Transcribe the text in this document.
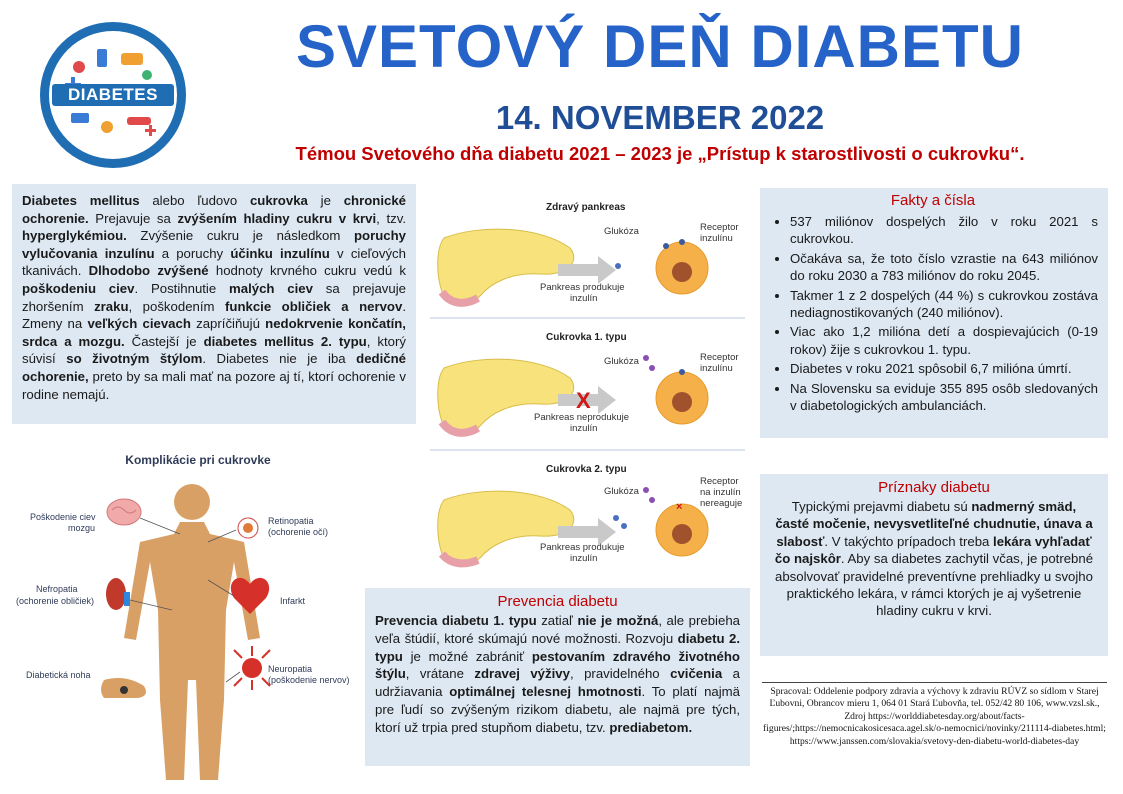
DIABETES
SVETOVÝ DEŇ DIABETU
14. NOVEMBER 2022
Témou Svetového dňa diabetu 2021 – 2023 je „Prístup k starostlivosti o cukrovku“.
Diabetes mellitus alebo ľudovo cukrovka je chronické ochorenie. Prejavuje sa zvýšením hladiny cukru v krvi, tzv. hyperglykémiou. Zvýšenie cukru je následkom poruchy vylučovania inzulínu a poruchy účinku inzulínu v cieľových tkanivách. Dlhodobo zvýšené hodnoty krvného cukru vedú k poškodeniu ciev. Postihnutie malých ciev sa prejavuje zhoršením zraku, poškodením funkcie obličiek a nervov. Zmeny na veľkých cievach zapríčiňujú nedokrvenie končatín, srdca a mozgu. Častejší je diabetes mellitus 2. typu, ktorý súvisí so životným štýlom. Diabetes nie je iba dedičné ochorenie, preto by sa mali mať na pozore aj tí, ktorí ochorenie v rodine nemajú.
Zdravý pankreas
Glukóza	Receptor inzulínu
Pankreas produkuje
inzulín
Cukrovka 1. typu
X
Glukóza	Receptor inzulínu
Pankreas neprodukuje
inzulín
Cukrovka 2. typu
Glukóza
Receptor na inzulín nereaguje
×
Pankreas produkuje
inzulín
Komplikácie pri cukrovke
Poškodenie ciev
mozgu
Retinopatia
(ochorenie očí)
Nefropatia
(ochorenie obličiek)	Infarkt
Neuropatia
(poškodenie nervov)
Diabetická noha
Prevencia diabetu
Prevencia diabetu 1. typu zatiaľ nie je možná, ale prebieha veľa štúdií, ktoré skúmajú nové možnosti. Rozvoju diabetu 2. typu je možné zabrániť pestovaním zdravého životného štýlu, vrátane zdravej výživy, pravidelného cvičenia a udržiavania optimálnej telesnej hmotnosti. To platí najmä pre ľudí so zvýšeným rizikom diabetu, ale najmä pre tých, ktorí už trpia pred stupňom diabetu, tzv. prediabetom.
Fakty a čísla
• 537 miliónov dospelých žilo v roku 2021 s cukrovkou.
• Očakáva sa, že toto číslo vzrastie na 643 miliónov do roku 2030 a 783 miliónov do roku 2045.
• Takmer 1 z 2 dospelých (44 %) s cukrovkou zostáva nediagnostikovaných (240 miliónov).
• Viac ako 1,2 milióna detí a dospievajúcich (0-19 rokov) žije s cukrovkou 1. typu.
• Diabetes v roku 2021 spôsobil 6,7 milióna úmrtí.
• Na Slovensku sa eviduje 355 895 osôb sledovaných v diabetologických ambulanciách.
Príznaky diabetu
Typickými prejavmi diabetu sú nadmerný smäd, časté močenie, nevysvetliteľné chudnutie, únava a slabosť. V takýchto prípadoch treba lekára vyhľadať čo najskôr. Aby sa diabetes zachytil včas, je potrebné absolvovať pravidelné preventívne prehliadky u svojho praktického lekára, v rámci ktorých je aj vyšetrenie hladiny cukru v krvi.
Spracoval: Oddelenie podpory zdravia a výchovy k zdraviu RÚVZ so sídlom v Starej Ľubovni, Obrancov mieru 1, 064 01 Stará Ľubovňa, tel. 052/42 80 106, www.vzsl.sk., Zdroj https://worlddiabetesday.org/about/facts-figures/;https://nemocnicakosicesaca.agel.sk/o-nemocnici/novinky/211114-diabetes.html; https://www.janssen.com/slovakia/svetovy-den-diabetu-world-diabetes-day
